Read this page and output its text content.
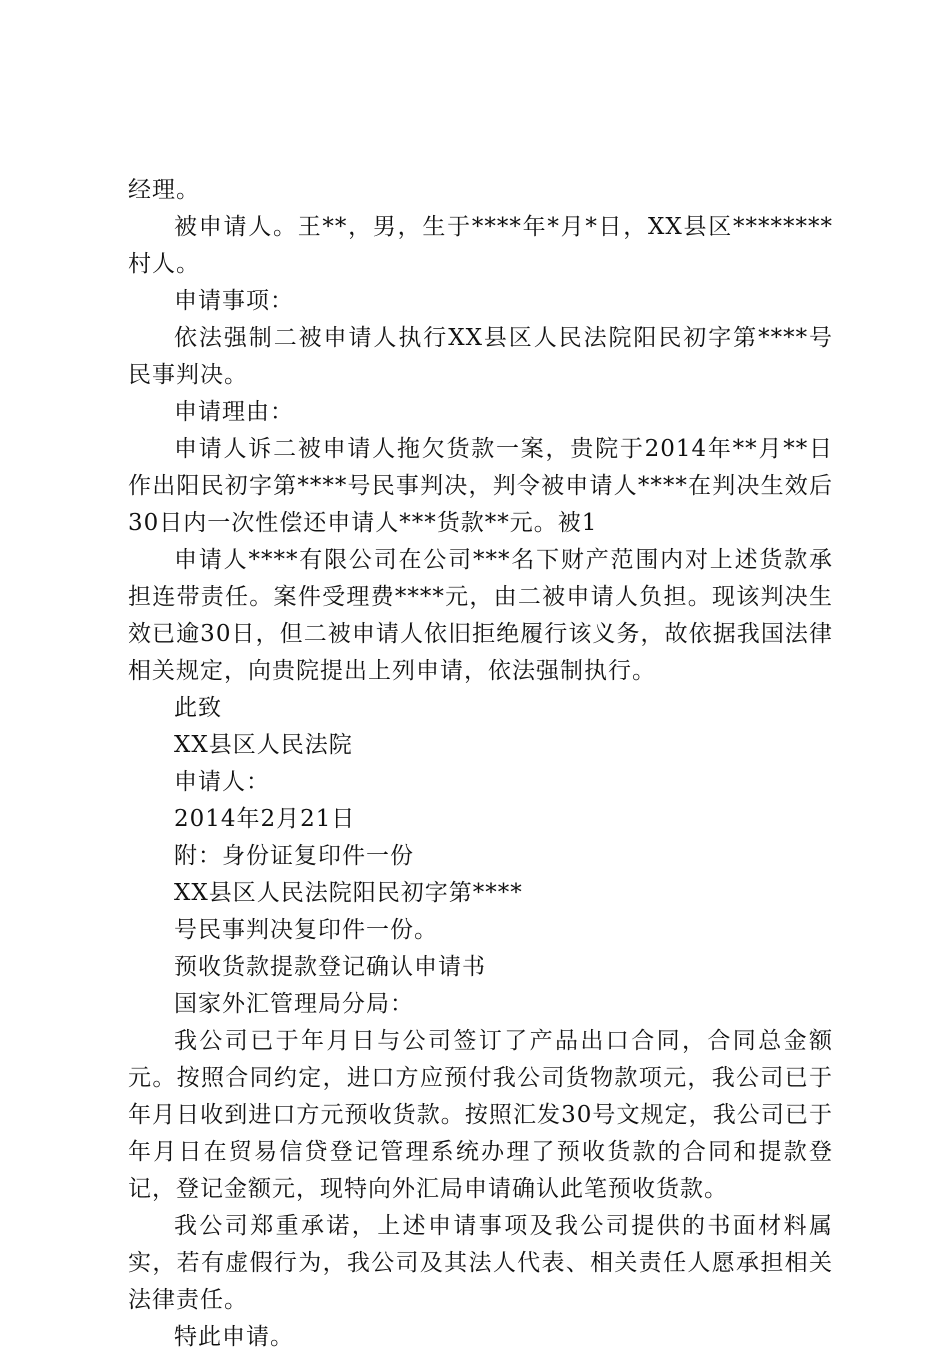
经理。

被申请人。王**，男，生于****年*月*日，XX县区********村人。

申请事项：

依法强制二被申请人执行XX县区人民法院阳民初字第****号民事判决。

申请理由：

申请人诉二被申请人拖欠货款一案，贵院于2014年**月**日作出阳民初字第****号民事判决，判令被申请人****在判决生效后30日内一次性偿还申请人***货款**元。被1

申请人****有限公司在公司***名下财产范围内对上述货款承担连带责任。案件受理费****元，由二被申请人负担。现该判决生效已逾30日，但二被申请人依旧拒绝履行该义务，故依据我国法律相关规定，向贵院提出上列申请，依法强制执行。

此致

XX县区人民法院

申请人：

2014年2月21日

附：身份证复印件一份

XX县区人民法院阳民初字第****

号民事判决复印件一份。

预收货款提款登记确认申请书

国家外汇管理局分局：

我公司已于年月日与公司签订了产品出口合同，合同总金额元。按照合同约定，进口方应预付我公司货物款项元，我公司已于年月日收到进口方元预收货款。按照汇发30号文规定，我公司已于年月日在贸易信贷登记管理系统办理了预收货款的合同和提款登记，登记金额元，现特向外汇局申请确认此笔预收货款。

我公司郑重承诺，上述申请事项及我公司提供的书面材料属实，若有虚假行为，我公司及其法人代表、相关责任人愿承担相关法律责任。

特此申请。
